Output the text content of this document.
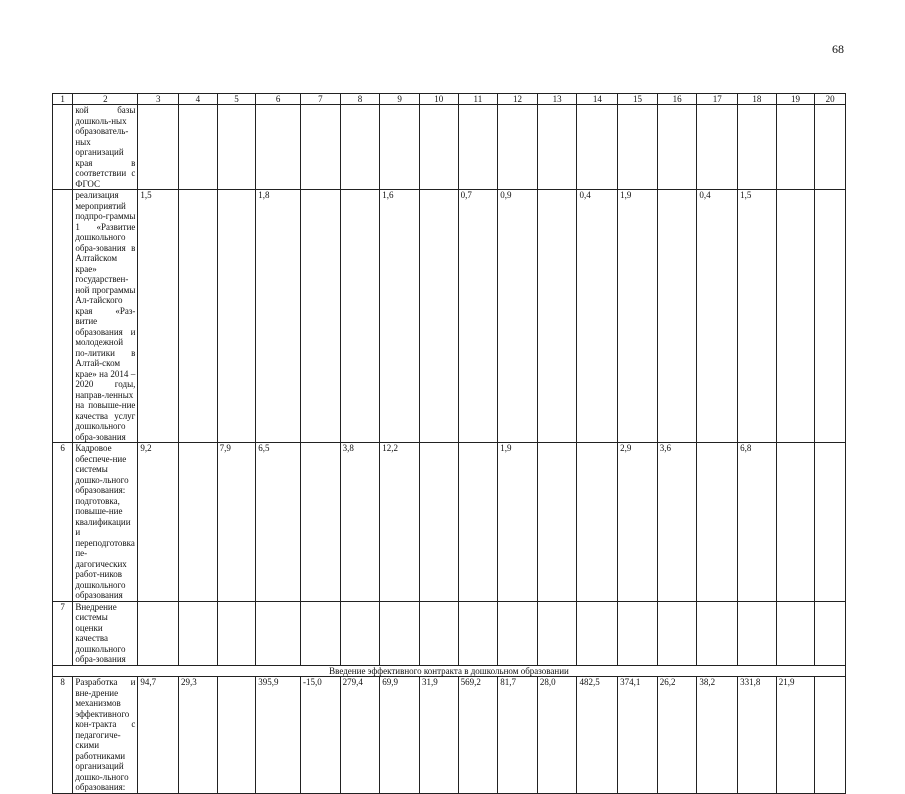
68
1	2	3	4	5	6	7	8	9	10	11	12	13	14	15	16	17	18	19	20
	кой базы дошколь-ных образователь-ных организаций края в соответствии с ФГОС																		
	реализация мероприятий подпро-граммы 1 «Развитие дошкольного обра-зования в Алтайском крае» государствен-ной программы Ал-тайского края «Раз-витие образования и молодежной по-литики в Алтай-ском крае» на 2014 – 2020 годы, направ-ленных на повыше-ние качества услуг дошкольного обра-зования	1,5			1,8			1,6		0,7	0,9		0,4	1,9		0,4	1,5		
6	Кадровое обеспече-ние системы дошко-льного образования: подготовка, повыше-ние квалификации и переподготовка пе-дагогических работ-ников дошкольного образования	9,2		7,9	6,5		3,8	12,2			1,9			2,9	3,6		6,8		
7	Внедрение системы оценки качества дошкольного обра-зования																		
Введение эффективного контракта в дошкольном образовании																			
8	Разработка и вне-дрение механизмов эффективного кон-тракта с педагогиче-скими работниками организаций дошко-льного образования:	94,7	29,3		395,9	-15,0	279,4	69,9	31,9	569,2	81,7	28,0	482,5	374,1	26,2	38,2	331,8	21,9	
